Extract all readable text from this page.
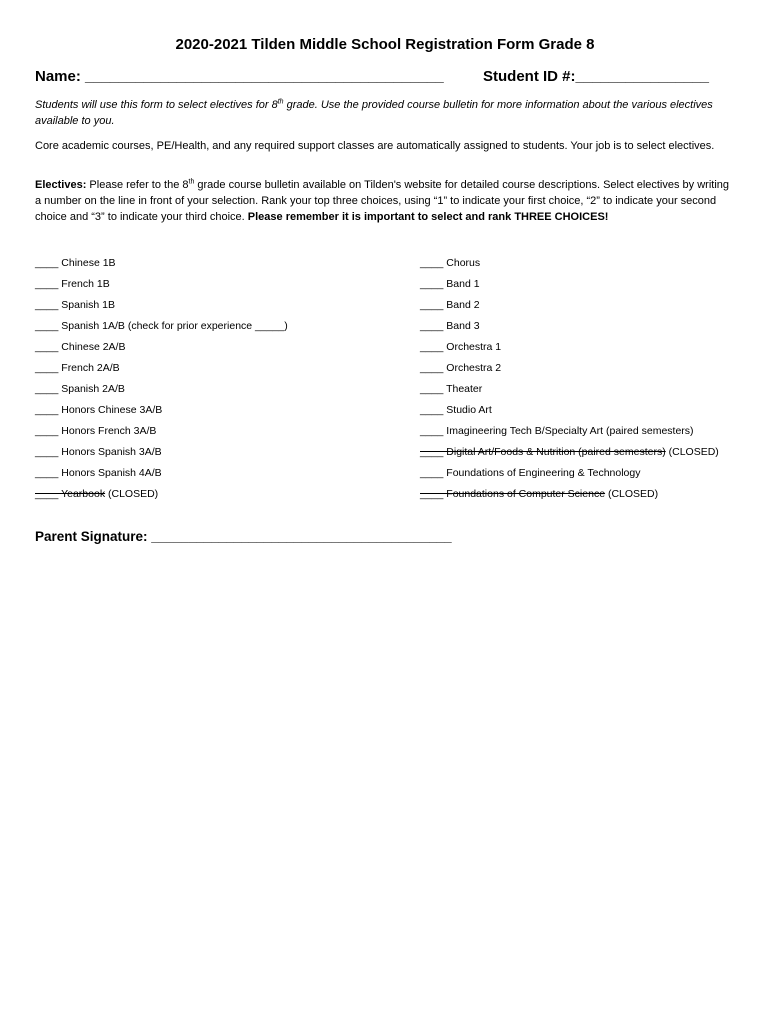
2020-2021 Tilden Middle School Registration Form Grade 8
Name: ___________________________________________	Student ID #:________________
Students will use this form to select electives for 8th grade. Use the provided course bulletin for more information about the various electives available to you.
Core academic courses, PE/Health, and any required support classes are automatically assigned to students. Your job is to select electives.
Electives: Please refer to the 8th grade course bulletin available on Tilden's website for detailed course descriptions. Select electives by writing a number on the line in front of your selection. Rank your top three choices, using “1” to indicate your first choice, “2” to indicate your second choice and “3” to indicate your third choice. Please remember it is important to select and rank THREE CHOICES!
____ Chinese 1B
____ French 1B
____ Spanish 1B
____ Spanish 1A/B (check for prior experience _____)
____ Chinese 2A/B
____ French 2A/B
____ Spanish 2A/B
____ Honors Chinese 3A/B
____ Honors French 3A/B
____ Honors Spanish 3A/B
____ Honors Spanish 4A/B
____ Yearbook (CLOSED)
____ Chorus
____ Band 1
____ Band 2
____ Band 3
____ Orchestra 1
____ Orchestra 2
____ Theater
____ Studio Art
____ Imagineering Tech B/Specialty Art (paired semesters)
____ Digital Art/Foods & Nutrition (paired semesters) (CLOSED)
____ Foundations of Engineering & Technology
____ Foundations of Computer Science (CLOSED)
Parent Signature: ________________________________________
